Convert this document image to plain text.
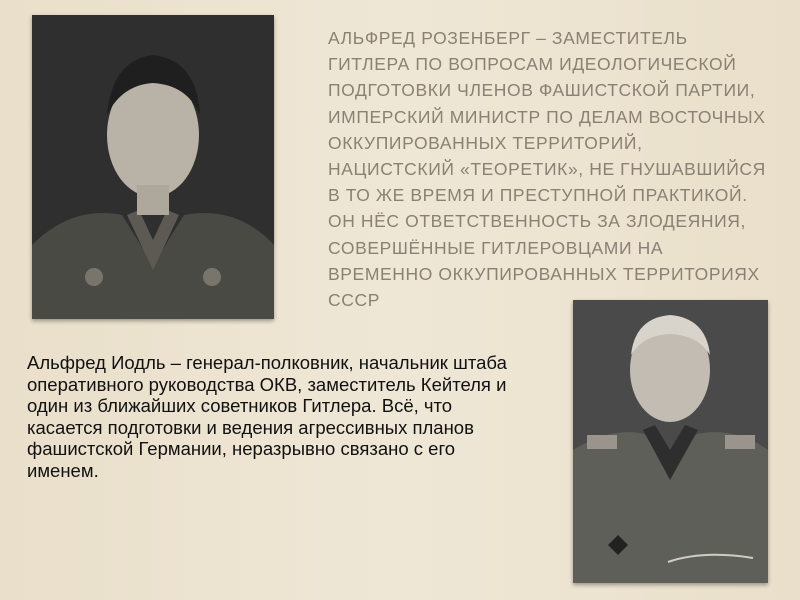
АЛЬФРЕД РОЗЕНБЕРГ – ЗАМЕСТИТЕЛЬ ГИТЛЕРА ПО ВОПРОСАМ ИДЕОЛОГИЧЕСКОЙ ПОДГОТОВКИ ЧЛЕНОВ ФАШИСТСКОЙ ПАРТИИ, ИМПЕРСКИЙ МИНИСТР ПО ДЕЛАМ ВОСТОЧНЫХ ОККУПИРОВАННЫХ ТЕРРИТОРИЙ, НАЦИСТСКИЙ «ТЕОРЕТИК», НЕ ГНУШАВШИЙСЯ В ТО ЖЕ ВРЕМЯ И ПРЕСТУПНОЙ ПРАКТИКОЙ. ОН НЁС ОТВЕТСТВЕННОСТЬ ЗА ЗЛОДЕЯНИЯ, СОВЕРШЁННЫЕ ГИТЛЕРОВЦАМИ НА ВРЕМЕННО ОККУПИРОВАННЫХ ТЕРРИТОРИЯХ СССР

Альфред Иодль – генерал-полковник, начальник штаба оперативного руководства ОКВ, заместитель Кейтеля и один из ближайших советников Гитлера. Всё, что касается подготовки и ведения агрессивных планов фашистской Германии, неразрывно связано с его именем.
